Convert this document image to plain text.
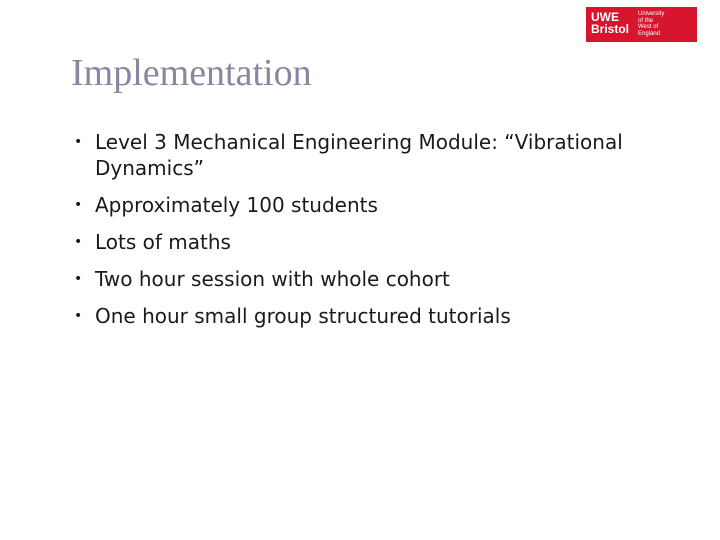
UWE
Bristol
University
of the
West of
England
Implementation
• Level 3 Mechanical Engineering Module: “Vibrational Dynamics”
• Approximately 100 students
• Lots of maths
• Two hour session with whole cohort
• One hour small group structured tutorials
